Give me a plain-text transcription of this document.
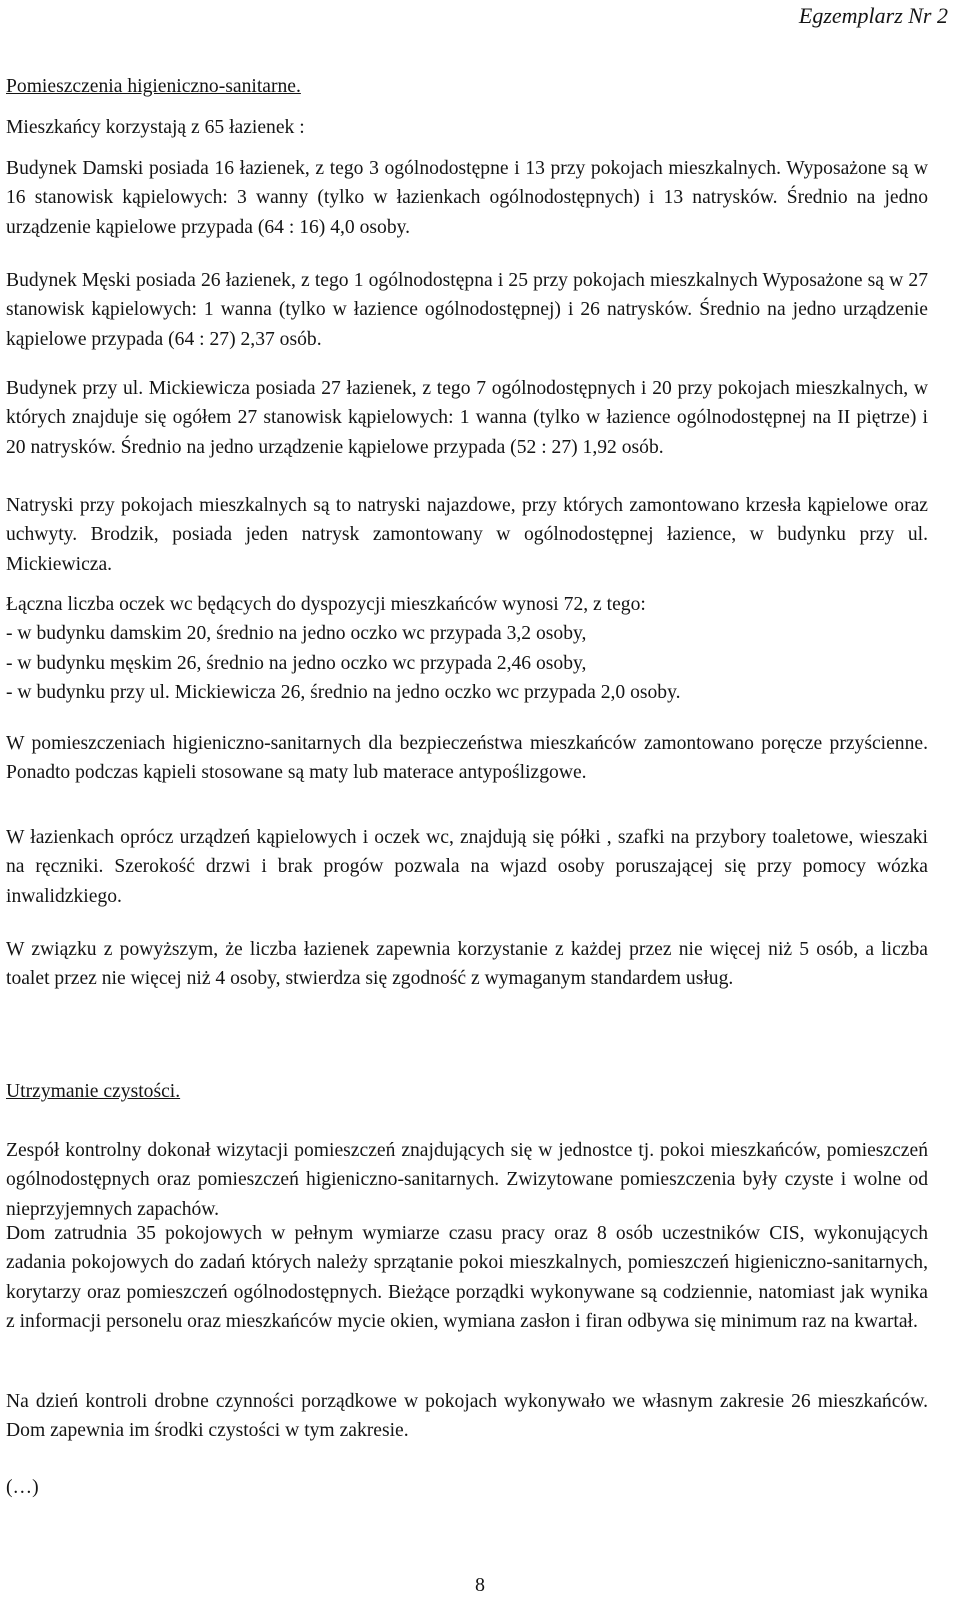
Egzemplarz Nr 2

Pomieszczenia higieniczno-sanitarne.

Mieszkańcy korzystają z 65 łazienek :

Budynek Damski posiada 16 łazienek, z tego 3 ogólnodostępne i 13 przy pokojach mieszkalnych. Wyposażone są w 16 stanowisk kąpielowych: 3 wanny (tylko w łazienkach ogólnodostępnych) i 13 natrysków. Średnio na jedno urządzenie kąpielowe przypada (64 : 16) 4,0 osoby.

Budynek Męski posiada 26 łazienek, z tego 1 ogólnodostępna i 25 przy pokojach mieszkalnych Wyposażone są w 27 stanowisk kąpielowych: 1 wanna (tylko w łazience ogólnodostępnej) i 26 natrysków. Średnio na jedno urządzenie kąpielowe przypada (64 : 27) 2,37 osób.

Budynek przy ul. Mickiewicza posiada 27 łazienek, z tego 7 ogólnodostępnych i 20 przy pokojach mieszkalnych, w których znajduje się ogółem 27 stanowisk kąpielowych: 1 wanna (tylko w łazience ogólnodostępnej na II piętrze) i 20 natrysków. Średnio na jedno urządzenie kąpielowe przypada (52 : 27) 1,92 osób.

Natryski przy pokojach mieszkalnych są to natryski najazdowe, przy których zamontowano krzesła kąpielowe oraz uchwyty. Brodzik, posiada jeden natrysk zamontowany w ogólnodostępnej łazience, w budynku przy ul. Mickiewicza.

Łączna liczba oczek wc będących do dyspozycji mieszkańców wynosi 72, z tego:

- w budynku damskim 20, średnio na jedno oczko wc przypada 3,2 osoby,

- w budynku męskim 26, średnio na jedno oczko wc przypada 2,46 osoby,

- w budynku przy ul. Mickiewicza 26, średnio na jedno oczko wc przypada 2,0 osoby.

W pomieszczeniach higieniczno-sanitarnych dla bezpieczeństwa mieszkańców zamontowano poręcze przyścienne. Ponadto podczas kąpieli stosowane są maty lub materace antypoślizgowe.

W łazienkach oprócz urządzeń kąpielowych i oczek wc, znajdują się półki , szafki na przybory toaletowe, wieszaki na ręczniki. Szerokość drzwi i brak progów pozwala na wjazd osoby poruszającej się przy pomocy wózka inwalidzkiego.

W związku z powyższym, że liczba łazienek zapewnia korzystanie z każdej przez nie więcej niż 5 osób, a liczba toalet przez nie więcej niż 4 osoby, stwierdza się zgodność z wymaganym standardem usług.

Utrzymanie czystości.

Zespół kontrolny dokonał wizytacji pomieszczeń znajdujących się w jednostce tj. pokoi mieszkańców, pomieszczeń ogólnodostępnych oraz pomieszczeń higieniczno-sanitarnych. Zwizytowane pomieszczenia były czyste i wolne od nieprzyjemnych zapachów.

Dom zatrudnia 35 pokojowych w pełnym wymiarze czasu pracy oraz 8 osób uczestników CIS, wykonujących zadania pokojowych do zadań których należy sprzątanie pokoi mieszkalnych, pomieszczeń higieniczno-sanitarnych, korytarzy oraz pomieszczeń ogólnodostępnych. Bieżące porządki wykonywane są codziennie, natomiast jak wynika z informacji personelu oraz mieszkańców mycie okien, wymiana zasłon i firan odbywa się minimum raz na kwartał.

Na dzień kontroli drobne czynności porządkowe w pokojach wykonywało we własnym zakresie 26 mieszkańców. Dom zapewnia im środki czystości w tym zakresie.

(…)

8
